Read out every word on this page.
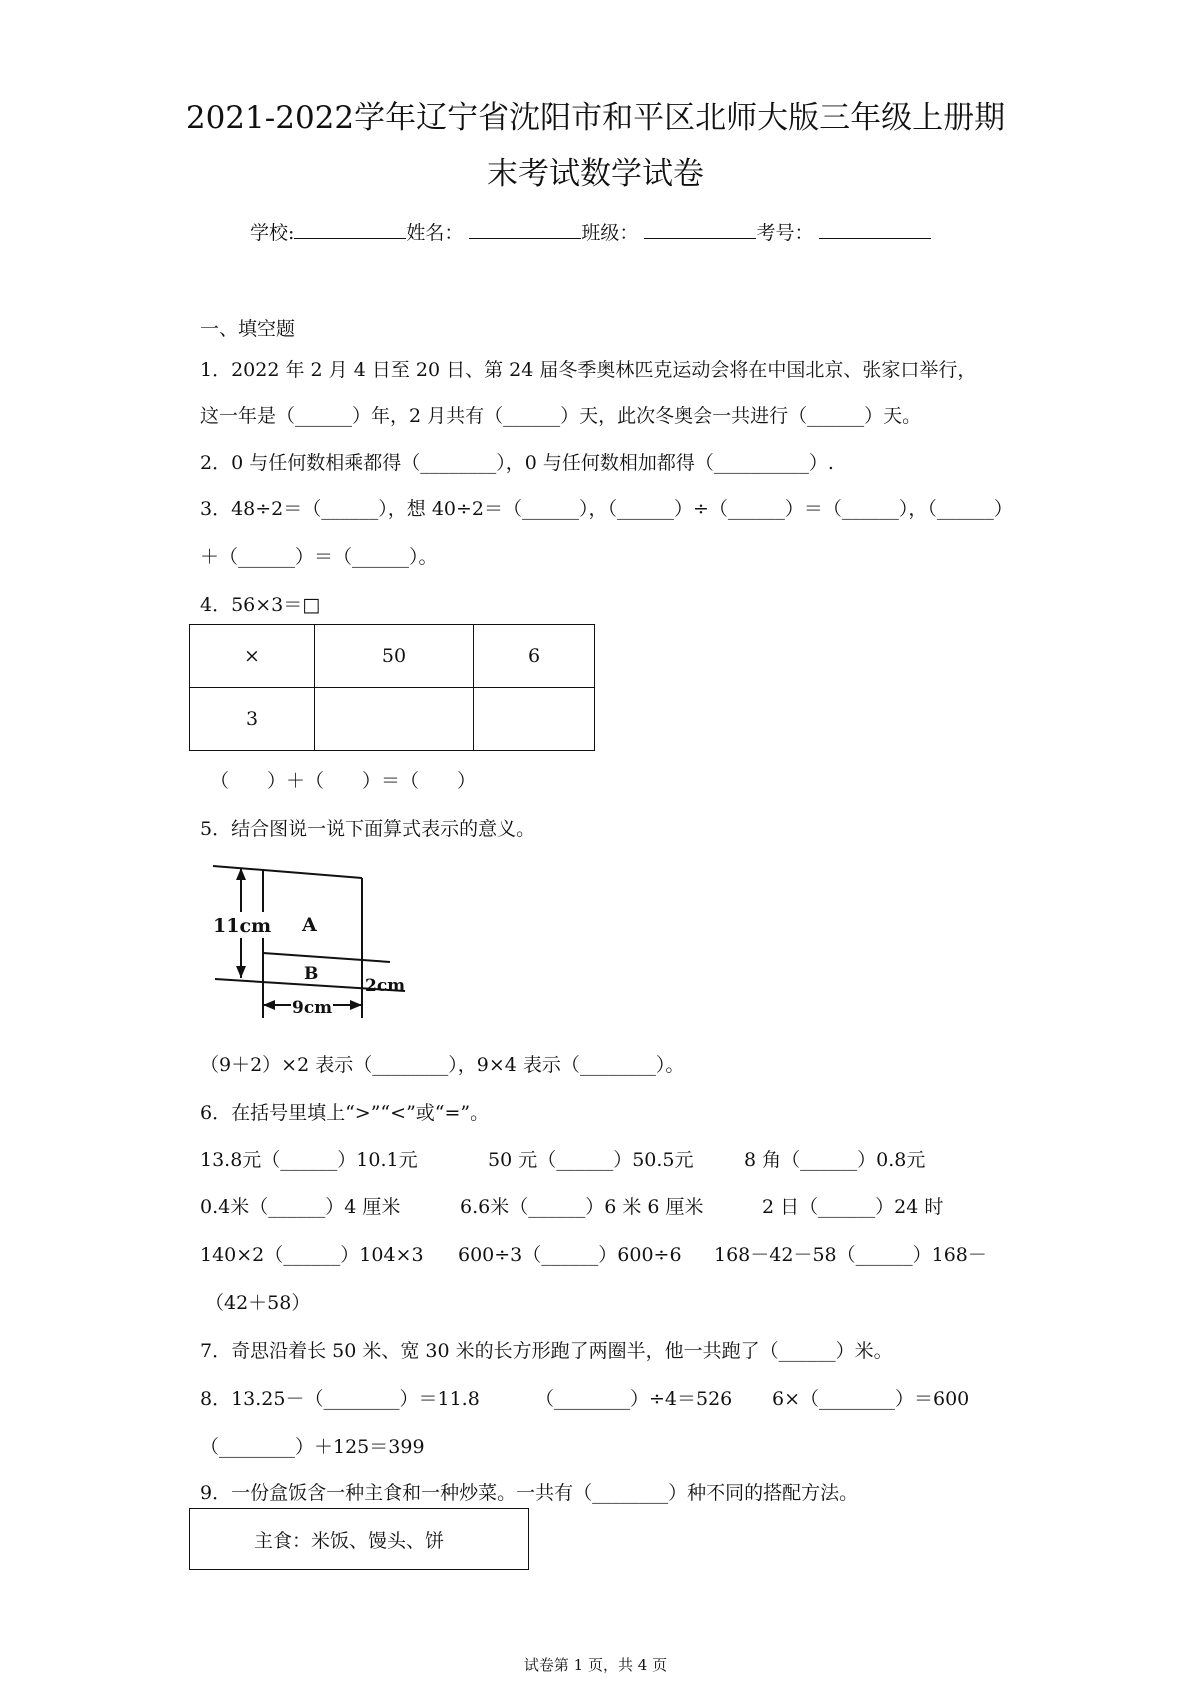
2021-2022学年辽宁省沈阳市和平区北师大版三年级上册期
末考试数学试卷
学校:	姓名：	班级：	考号：
一、填空题
1．2022 年 2 月 4 日至 20 日、第 24 届冬季奥林匹克运动会将在中国北京、张家口举行，
这一年是（______）年，2 月共有（______）天，此次冬奥会一共进行（______）天。
2．0 与任何数相乘都得（________），0 与任何数相加都得（__________）.
3．48÷2＝（______），想 40÷2＝（______），（______）÷（______）＝（______），（______）
＋（______）＝（______）。
4．56×3＝□
×	50	6
3		
（　　）＋（　　）＝（　　）
5．结合图说一说下面算式表示的意义。
11cm A
B
2cm
9cm
（9＋2）×2 表示（________），9×4 表示（________）。
6．在括号里填上“>”“<”或“=”。
13.8元（______）10.1元	50 元（______）50.5元	8 角（______）0.8元
0.4米（______）4 厘米	6.6米（______）6 米 6 厘米	2 日（______）24 时
140×2（______）104×3 600÷3（______）600÷6 168－42－58（______）168－
（42＋58）
7．奇思沿着长 50 米、宽 30 米的长方形跑了两圈半，他一共跑了（______）米。
8．13.25－（________）＝11.8	（________）÷4＝526 6×（________）＝600
（________）＋125＝399
9．一份盒饭含一种主食和一种炒菜。一共有（________）种不同的搭配方法。
主食：米饭、馒头、饼
试卷第 1 页，共 4 页
